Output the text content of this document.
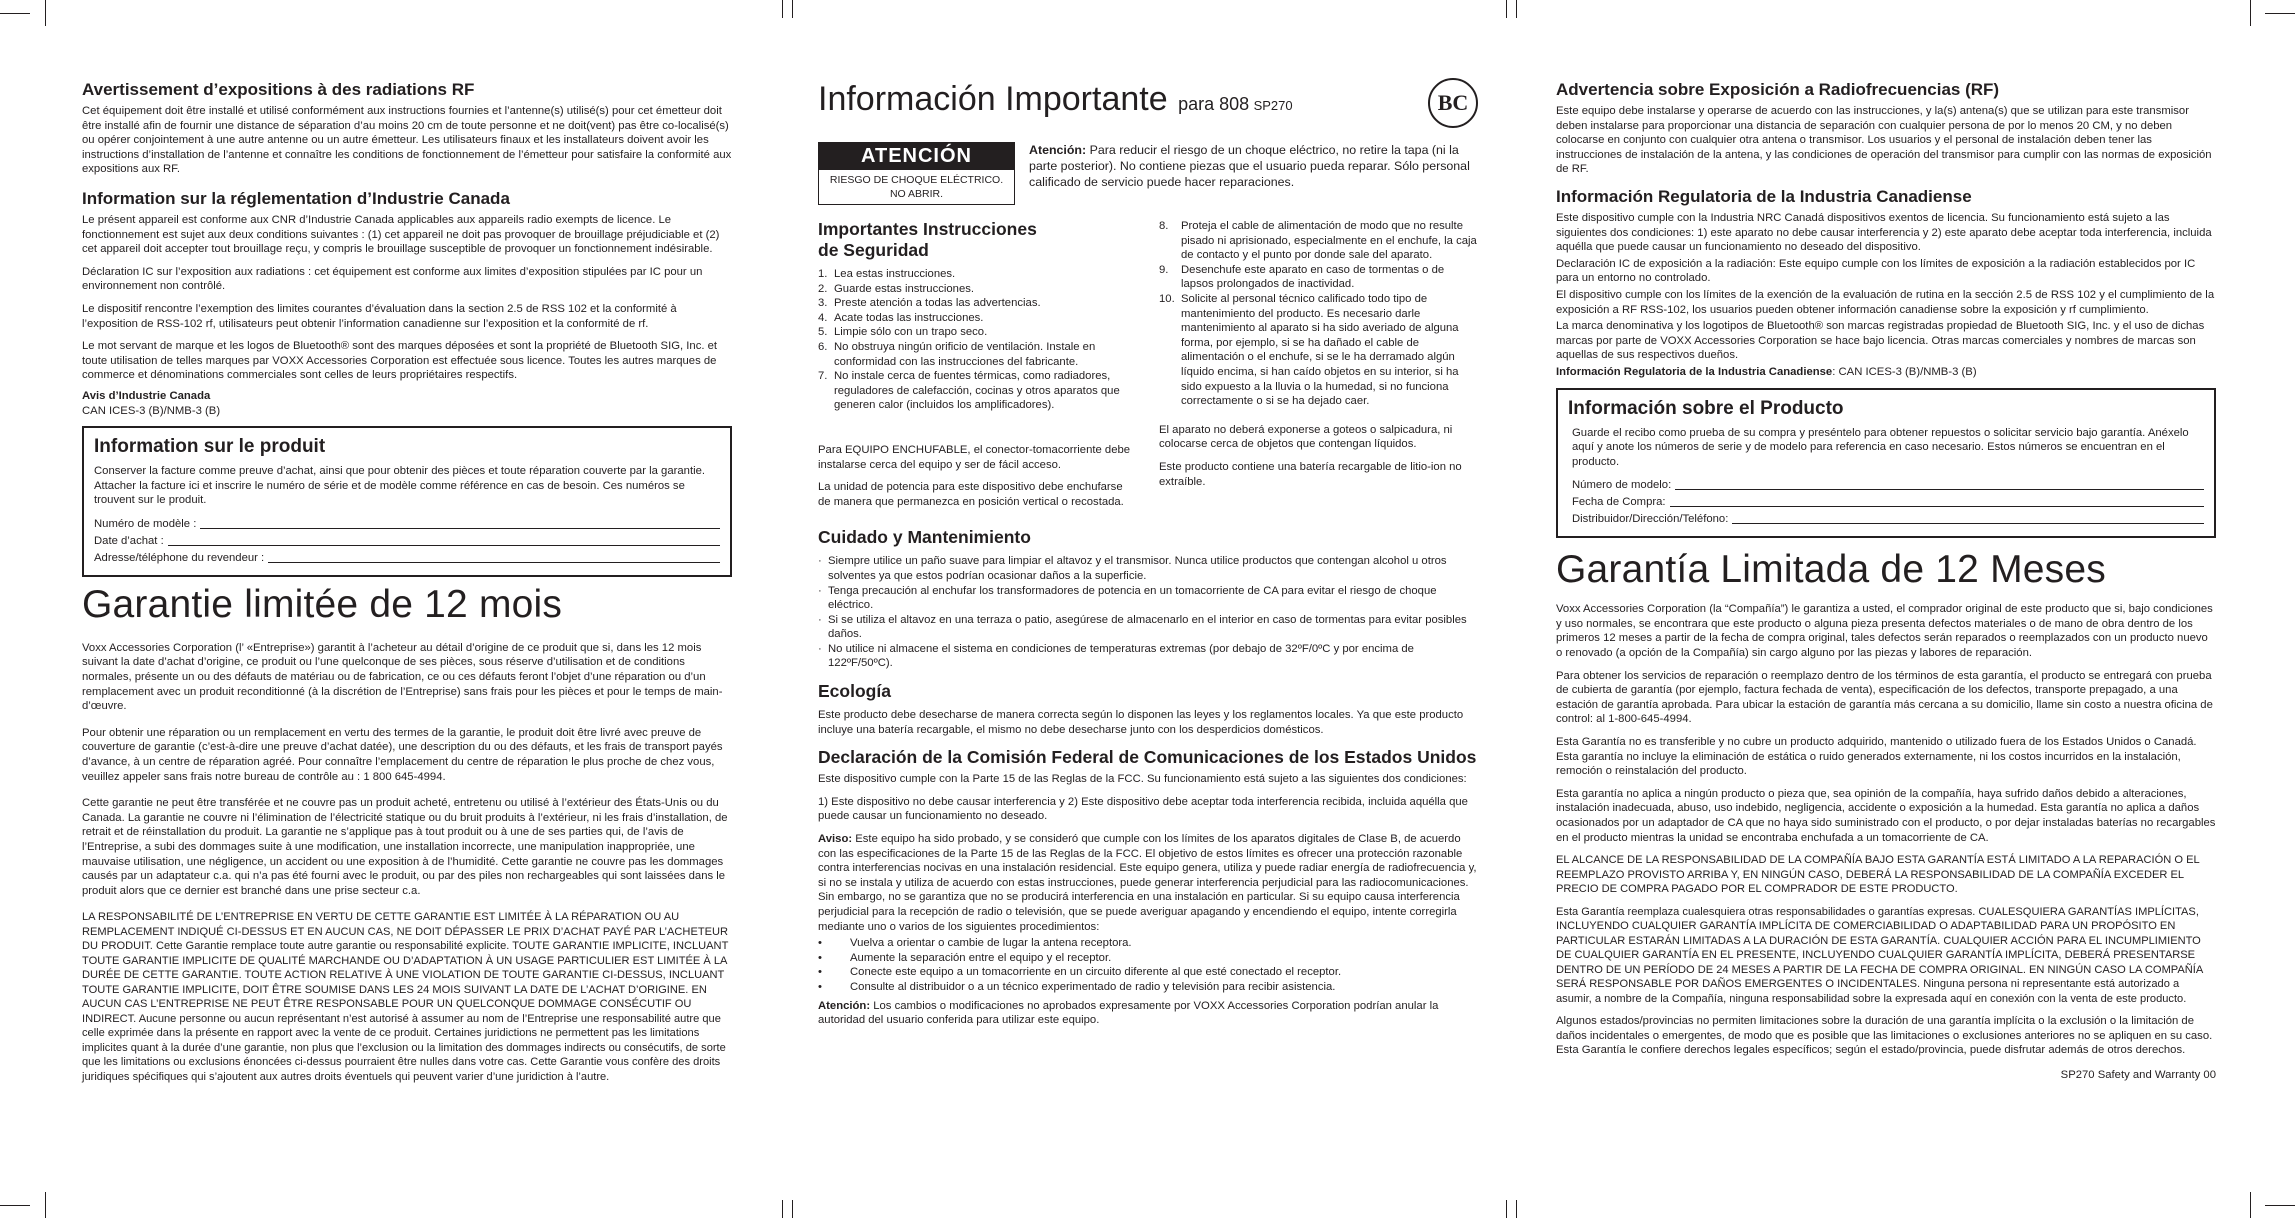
Avertissement d’expositions à des radiations RF

Cet équipement doit être installé et utilisé conformément aux instructions fournies et l’antenne(s) utilisé(s) pour cet émetteur doit être installé afin de fournir une distance de séparation d’au moins 20 cm de toute personne et ne doit(vent) pas être co-localisé(s) ou opérer conjointement à une autre antenne ou un autre émetteur. Les utilisateurs finaux et les installateurs doivent avoir les instructions d’installation de l’antenne et connaître les conditions de fonctionnement de l’émetteur pour satisfaire la conformité aux expositions aux RF.

Information sur la réglementation d’Industrie Canada

Le présent appareil est conforme aux CNR d’Industrie Canada applicables aux appareils radio exempts de licence. Le fonctionnement est sujet aux deux conditions suivantes : (1) cet appareil ne doit pas provoquer de brouillage préjudiciable et (2) cet appareil doit accepter tout brouillage reçu, y compris le brouillage susceptible de provoquer un fonctionnement indésirable.

Déclaration IC sur l’exposition aux radiations : cet équipement est conforme aux limites d’exposition stipulées par IC pour un environnement non contrôlé.

Le dispositif rencontre l’exemption des limites courantes d’évaluation dans la section 2.5 de RSS 102 et la conformité à l’exposition de RSS-102 rf, utilisateurs peut obtenir l’information canadienne sur l’exposition et la conformité de rf.

Le mot servant de marque et les logos de Bluetooth® sont des marques déposées et sont la propriété de Bluetooth SIG, Inc. et toute utilisation de telles marques par VOXX Accessories Corporation est effectuée sous licence. Toutes les autres marques de commerce et dénominations commerciales sont celles de leurs propriétaires respectifs.

Avis d’Industrie Canada

CAN ICES-3 (B)/NMB-3 (B)

Information sur le produit

Conserver la facture comme preuve d’achat, ainsi que pour obtenir des pièces et toute réparation couverte par la garantie. Attacher la facture ici et inscrire le numéro de série et de modèle comme référence en cas de besoin. Ces numéros se trouvent sur le produit.

Numéro de modèle :
Date d’achat :
Adresse/téléphone du revendeur :
Garantie limitée de 12 mois

Voxx Accessories Corporation (l’ «Entreprise») garantit à l’acheteur au détail d’origine de ce produit que si, dans les 12 mois suivant la date d’achat d’origine, ce produit ou l’une quelconque de ses pièces, sous réserve d’utilisation et de conditions normales, présente un ou des défauts de matériau ou de fabrication, ce ou ces défauts feront l’objet d’une réparation ou d’un remplacement avec un produit reconditionné (à la discrétion de l’Entreprise) sans frais pour les pièces et pour le temps de main-d’œuvre.

Pour obtenir une réparation ou un remplacement en vertu des termes de la garantie, le produit doit être livré avec preuve de couverture de garantie (c’est-à-dire une preuve d’achat datée), une description du ou des défauts, et les frais de transport payés d’avance, à un centre de réparation agréé. Pour connaître l’emplacement du centre de réparation le plus proche de chez vous, veuillez appeler sans frais notre bureau de contrôle au : 1 800 645-4994.

Cette garantie ne peut être transférée et ne couvre pas un produit acheté, entretenu ou utilisé à l’extérieur des États-Unis ou du Canada. La garantie ne couvre ni l’élimination de l’électricité statique ou du bruit produits à l’extérieur, ni les frais d’installation, de retrait et de réinstallation du produit. La garantie ne s’applique pas à tout produit ou à une de ses parties qui, de l’avis de l’Entreprise, a subi des dommages suite à une modification, une installation incorrecte, une manipulation inappropriée, une mauvaise utilisation, une négligence, un accident ou une exposition à de l’humidité. Cette garantie ne couvre pas les dommages causés par un adaptateur c.a. qui n’a pas été fourni avec le produit, ou par des piles non rechargeables qui sont laissées dans le produit alors que ce dernier est branché dans une prise secteur c.a.

LA RESPONSABILITÉ DE L’ENTREPRISE EN VERTU DE CETTE GARANTIE EST LIMITÉE À LA RÉPARATION OU AU REMPLACEMENT INDIQUÉ CI-DESSUS ET EN AUCUN CAS, NE DOIT DÉPASSER LE PRIX D’ACHAT PAYÉ PAR L’ACHETEUR DU PRODUIT. Cette Garantie remplace toute autre garantie ou responsabilité explicite. TOUTE GARANTIE IMPLICITE, INCLUANT TOUTE GARANTIE IMPLICITE DE QUALITÉ MARCHANDE OU D’ADAPTATION À UN USAGE PARTICULIER EST LIMITÉE À LA DURÉE DE CETTE GARANTIE. TOUTE ACTION RELATIVE À UNE VIOLATION DE TOUTE GARANTIE CI-DESSUS, INCLUANT TOUTE GARANTIE IMPLICITE, DOIT ÊTRE SOUMISE DANS LES 24 MOIS SUIVANT LA DATE DE L’ACHAT D’ORIGINE. EN AUCUN CAS L’ENTREPRISE NE PEUT ÊTRE RESPONSABLE POUR UN QUELCONQUE DOMMAGE CONSÉCUTIF OU INDIRECT. Aucune personne ou aucun représentant n’est autorisé à assumer au nom de l’Entreprise une responsabilité autre que celle exprimée dans la présente en rapport avec la vente de ce produit. Certaines juridictions ne permettent pas les limitations implicites quant à la durée d’une garantie, non plus que l’exclusion ou la limitation des dommages indirects ou consécutifs, de sorte que les limitations ou exclusions énoncées ci-dessus pourraient être nulles dans votre cas. Cette Garantie vous confère des droits juridiques spécifiques qui s’ajoutent aux autres droits éventuels qui peuvent varier d’une juridiction à l’autre.

Información Importante para 808 SP270	BC
ATENCIÓN
RIESGO DE CHOQUE ELÉCTRICO. NO ABRIR.

Atención: Para reducir el riesgo de un choque eléctrico, no retire la tapa (ni la parte posterior). No contiene piezas que el usuario pueda reparar. Sólo personal calificado de servicio puede hacer reparaciones.

Importantes Instrucciones de Seguridad
1. Lea estas instrucciones.
2. Guarde estas instrucciones.
3. Preste atención a todas las advertencias.
4. Acate todas las instrucciones.
5. Limpie sólo con un trapo seco.
6. No obstruya ningún orificio de ventilación. Instale en conformidad con las instrucciones del fabricante.
7. No instale cerca de fuentes térmicas, como radiadores, reguladores de calefacción, cocinas y otros aparatos que generen calor (incluidos los amplificadores).

Para EQUIPO ENCHUFABLE, el conector-tomacorriente debe instalarse cerca del equipo y ser de fácil acceso.

La unidad de potencia para este dispositivo debe enchufarse de manera que permanezca en posición vertical o recostada.

8.	Proteja el cable de alimentación de modo que no resulte pisado ni aprisionado, especialmente en el enchufe, la caja de contacto y el punto por donde sale del aparato.
9.	Desenchufe este aparato en caso de tormentas o de lapsos prolongados de inactividad.
10. Solicite al personal técnico calificado todo tipo de mantenimiento del producto. Es necesario darle mantenimiento al aparato si ha sido averiado de alguna forma, por ejemplo, si se ha dañado el cable de alimentación o el enchufe, si se le ha derramado algún líquido encima, si han caído objetos en su interior, si ha sido expuesto a la lluvia o la humedad, si no funciona correctamente o si se ha dejado caer.

El aparato no deberá exponerse a goteos o salpicadura, ni colocarse cerca de objetos que contengan líquidos.

Este producto contiene una batería recargable de litio-ion no extraíble.

Cuidado y Mantenimiento
· Siempre utilice un paño suave para limpiar el altavoz y el transmisor. Nunca utilice productos que contengan alcohol u otros solventes ya que estos podrían ocasionar daños a la superficie.
· Tenga precaución al enchufar los transformadores de potencia en un tomacorriente de CA para evitar el riesgo de choque eléctrico.
· Si se utiliza el altavoz en una terraza o patio, asegúrese de almacenarlo en el interior en caso de tormentas para evitar posibles daños.
· No utilice ni almacene el sistema en condiciones de temperaturas extremas (por debajo de 32ºF/0ºC y por encima de 122ºF/50ºC).
Ecología

Este producto debe desecharse de manera correcta según lo disponen las leyes y los reglamentos locales. Ya que este producto incluye una batería recargable, el mismo no debe desecharse junto con los desperdicios domésticos.

Declaración de la Comisión Federal de Comunicaciones de los Estados Unidos

Este dispositivo cumple con la Parte 15 de las Reglas de la FCC. Su funcionamiento está sujeto a las siguientes dos condiciones:

1) Este dispositivo no debe causar interferencia y 2) Este dispositivo debe aceptar toda interferencia recibida, incluida aquélla que puede causar un funcionamiento no deseado.

Aviso: Este equipo ha sido probado, y se consideró que cumple con los límites de los aparatos digitales de Clase B, de acuerdo con las especificaciones de la Parte 15 de las Reglas de la FCC. El objetivo de estos límites es ofrecer una protección razonable contra interferencias nocivas en una instalación residencial. Este equipo genera, utiliza y puede radiar energía de radiofrecuencia y, si no se instala y utiliza de acuerdo con estas instrucciones, puede generar interferencia perjudicial para las radiocomunicaciones. Sin embargo, no se garantiza que no se producirá interferencia en una instalación en particular. Si su equipo causa interferencia perjudicial para la recepción de radio o televisión, que se puede averiguar apagando y encendiendo el equipo, intente corregirla mediante uno o varios de los siguientes procedimientos:

•	Vuelva a orientar o cambie de lugar la antena receptora.
•	Aumente la separación entre el equipo y el receptor.
•	Conecte este equipo a un tomacorriente en un circuito diferente al que esté conectado el receptor.
•	Consulte al distribuidor o a un técnico experimentado de radio y televisión para recibir asistencia.

Atención: Los cambios o modificaciones no aprobados expresamente por VOXX Accessories Corporation podrían anular la autoridad del usuario conferida para utilizar este equipo.

Advertencia sobre Exposición a Radiofrecuencias (RF)

Este equipo debe instalarse y operarse de acuerdo con las instrucciones, y la(s) antena(s) que se utilizan para este transmisor deben instalarse para proporcionar una distancia de separación con cualquier persona de por lo menos 20 CM, y no deben colocarse en conjunto con cualquier otra antena o transmisor. Los usuarios y el personal de instalación deben tener las instrucciones de instalación de la antena, y las condiciones de operación del transmisor para cumplir con las normas de exposición de RF.

Información Regulatoria de la Industria Canadiense

Este dispositivo cumple con la Industria NRC Canadá dispositivos exentos de licencia. Su funcionamiento está sujeto a las siguientes dos condiciones: 1) este aparato no debe causar interferencia y 2) este aparato debe aceptar toda interferencia, incluida aquélla que puede causar un funcionamiento no deseado del dispositivo.

Declaración IC de exposición a la radiación: Este equipo cumple con los límites de exposición a la radiación establecidos por IC para un entorno no controlado.

El dispositivo cumple con los límites de la exención de la evaluación de rutina en la sección 2.5 de RSS 102 y el cumplimiento de la exposición a RF RSS-102, los usuarios pueden obtener información canadiense sobre la exposición y rf cumplimiento.

La marca denominativa y los logotipos de Bluetooth® son marcas registradas propiedad de Bluetooth SIG, Inc. y el uso de dichas marcas por parte de VOXX Accessories Corporation se hace bajo licencia. Otras marcas comerciales y nombres de marcas son aquellas de sus respectivos dueños.

Información Regulatoria de la Industria Canadiense: CAN ICES-3 (B)/NMB-3 (B)

Información sobre el Producto

Guarde el recibo como prueba de su compra y preséntelo para obtener repuestos o solicitar servicio bajo garantía. Anéxelo aquí y anote los números de serie y de modelo para referencia en caso necesario. Estos números se encuentran en el producto.

Número de modelo:
Fecha de Compra:
Distribuidor/Dirección/Teléfono:
Garantía Limitada de 12 Meses

Voxx Accessories Corporation (la “Compañía”) le garantiza a usted, el comprador original de este producto que si, bajo condiciones y uso normales, se encontrara que este producto o alguna pieza presenta defectos materiales o de mano de obra dentro de los primeros 12 meses a partir de la fecha de compra original, tales defectos serán reparados o reemplazados con un producto nuevo o renovado (a opción de la Compañía) sin cargo alguno por las piezas y labores de reparación.

Para obtener los servicios de reparación o reemplazo dentro de los términos de esta garantía, el producto se entregará con prueba de cubierta de garantía (por ejemplo, factura fechada de venta), especificación de los defectos, transporte prepagado, a una estación de garantía aprobada. Para ubicar la estación de garantía más cercana a su domicilio, llame sin costo a nuestra oficina de control: al 1-800-645-4994.

Esta Garantía no es transferible y no cubre un producto adquirido, mantenido o utilizado fuera de los Estados Unidos o Canadá. Esta garantía no incluye la eliminación de estática o ruido generados externamente, ni los costos incurridos en la instalación, remoción o reinstalación del producto.

Esta garantía no aplica a ningún producto o pieza que, sea opinión de la compañía, haya sufrido daños debido a alteraciones, instalación inadecuada, abuso, uso indebido, negligencia, accidente o exposición a la humedad. Esta garantía no aplica a daños ocasionados por un adaptador de CA que no haya sido suministrado con el producto, o por dejar instaladas baterías no recargables en el producto mientras la unidad se encontraba enchufada a un tomacorriente de CA.

EL ALCANCE DE LA RESPONSABILIDAD DE LA COMPAÑÍA BAJO ESTA GARANTÍA ESTÁ LIMITADO A LA REPARACIÓN O EL REEMPLAZO PROVISTO ARRIBA Y, EN NINGÚN CASO, DEBERÁ LA RESPONSABILIDAD DE LA COMPAÑÍA EXCEDER EL PRECIO DE COMPRA PAGADO POR EL COMPRADOR DE ESTE PRODUCTO.

Esta Garantía reemplaza cualesquiera otras responsabilidades o garantías expresas. CUALESQUIERA GARANTÍAS IMPLÍCITAS, INCLUYENDO CUALQUIER GARANTÍA IMPLÍCITA DE COMERCIABILIDAD O ADAPTABILIDAD PARA UN PROPÓSITO EN PARTICULAR ESTARÁN LIMITADAS A LA DURACIÓN DE ESTA GARANTÍA. CUALQUIER ACCIÓN PARA EL INCUMPLIMIENTO DE CUALQUIER GARANTÍA EN EL PRESENTE, INCLUYENDO CUALQUIER GARANTÍA IMPLÍCITA, DEBERÁ PRESENTARSE DENTRO DE UN PERÍODO DE 24 MESES A PARTIR DE LA FECHA DE COMPRA ORIGINAL. EN NINGÚN CASO LA COMPAÑÍA SERÁ RESPONSABLE POR DAÑOS EMERGENTES O INCIDENTALES. Ninguna persona ni representante está autorizado a asumir, a nombre de la Compañía, ninguna responsabilidad sobre la expresada aquí en conexión con la venta de este producto.

Algunos estados/provincias no permiten limitaciones sobre la duración de una garantía implícita o la exclusión o la limitación de daños incidentales o emergentes, de modo que es posible que las limitaciones o exclusiones anteriores no se apliquen en su caso. Esta Garantía le confiere derechos legales específicos; según el estado/provincia, puede disfrutar además de otros derechos.

SP270 Safety and Warranty 00
